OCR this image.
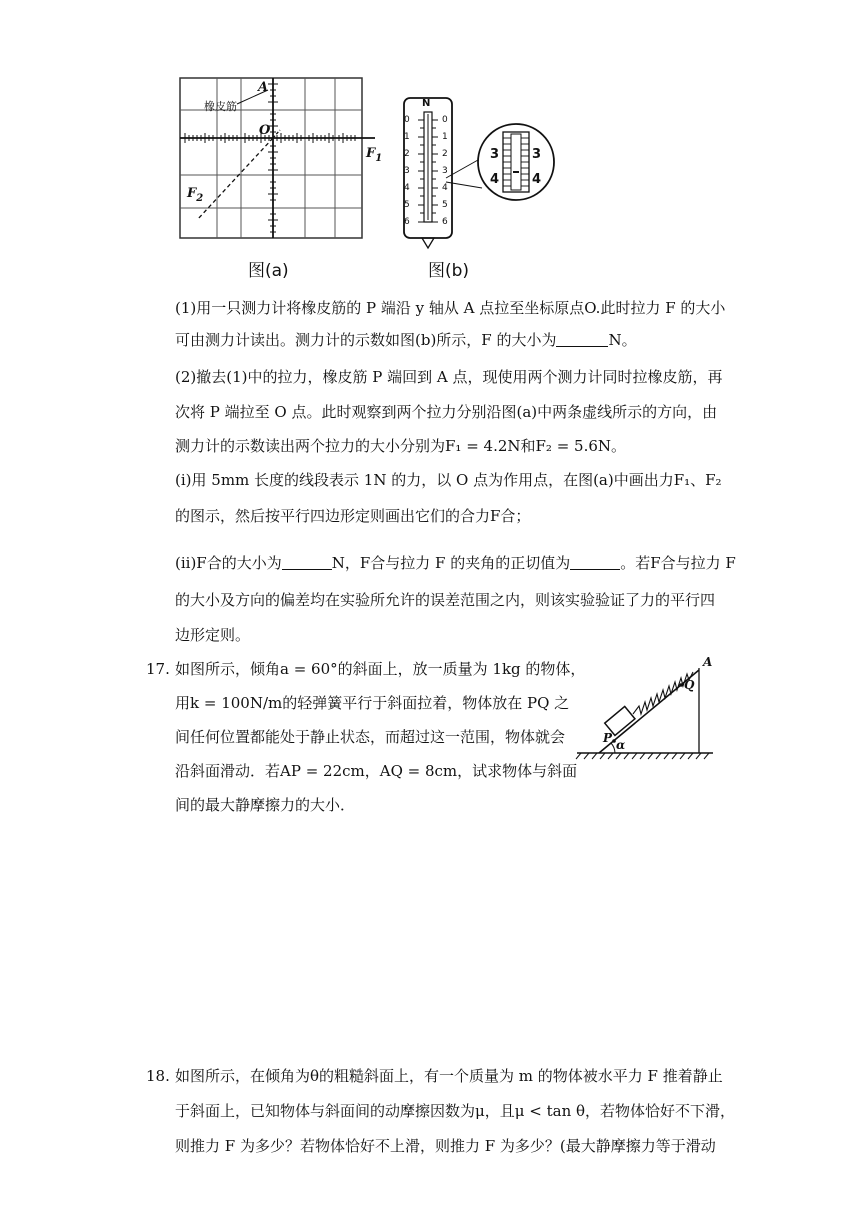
橡皮筋
A
O
$F_1$
$F_2$
图(a)
N
0
1
2
3
4
5
6
0
1
2
3
4
5
6
3
4
3
4
图(b)
(1)用一只测力计将橡皮筋的 P 端沿 y 轴从 A 点拉至坐标原点O.此时拉力 F 的大小
可由测力计读出。测力计的示数如图(b)所示，F 的大小为	N。
(2)撤去(1)中的拉力，橡皮筋 P 端回到 A 点，现使用两个测力计同时拉橡皮筋，再
次将 P 端拉至 O 点。此时观察到两个拉力分别沿图(a)中两条虚线所示的方向，由
测力计的示数读出两个拉力的大小分别为F₁ = 4.2N和F₂ = 5.6N。
(i)用 5mm 长度的线段表示 1N 的力，以 O 点为作用点，在图(a)中画出力F₁、F₂
的图示，然后按平行四边形定则画出它们的合力F合；
(ii)F合的大小为	N，F合与拉力 F 的夹角的正切值为	。若F合与拉力 F
的大小及方向的偏差均在实验所允许的误差范围之内，则该实验验证了力的平行四
边形定则。
17. 如图所示，倾角a = 60°的斜面上，放一质量为 1kg 的物体，
用k = 100N/m的轻弹簧平行于斜面拉着，物体放在 PQ 之
间任何位置都能处于静止状态，而超过这一范围，物体就会
沿斜面滑动．若AP = 22cm，AQ = 8cm，试求物体与斜面
间的最大静摩擦力的大小．
A
Q
P α
18. 如图所示，在倾角为θ的粗糙斜面上，有一个质量为 m 的物体被水平力 F 推着静止
于斜面上，已知物体与斜面间的动摩擦因数为μ，且μ < tan θ，若物体恰好不下滑，
则推力 F 为多少？若物体恰好不上滑，则推力 F 为多少？(最大静摩擦力等于滑动
